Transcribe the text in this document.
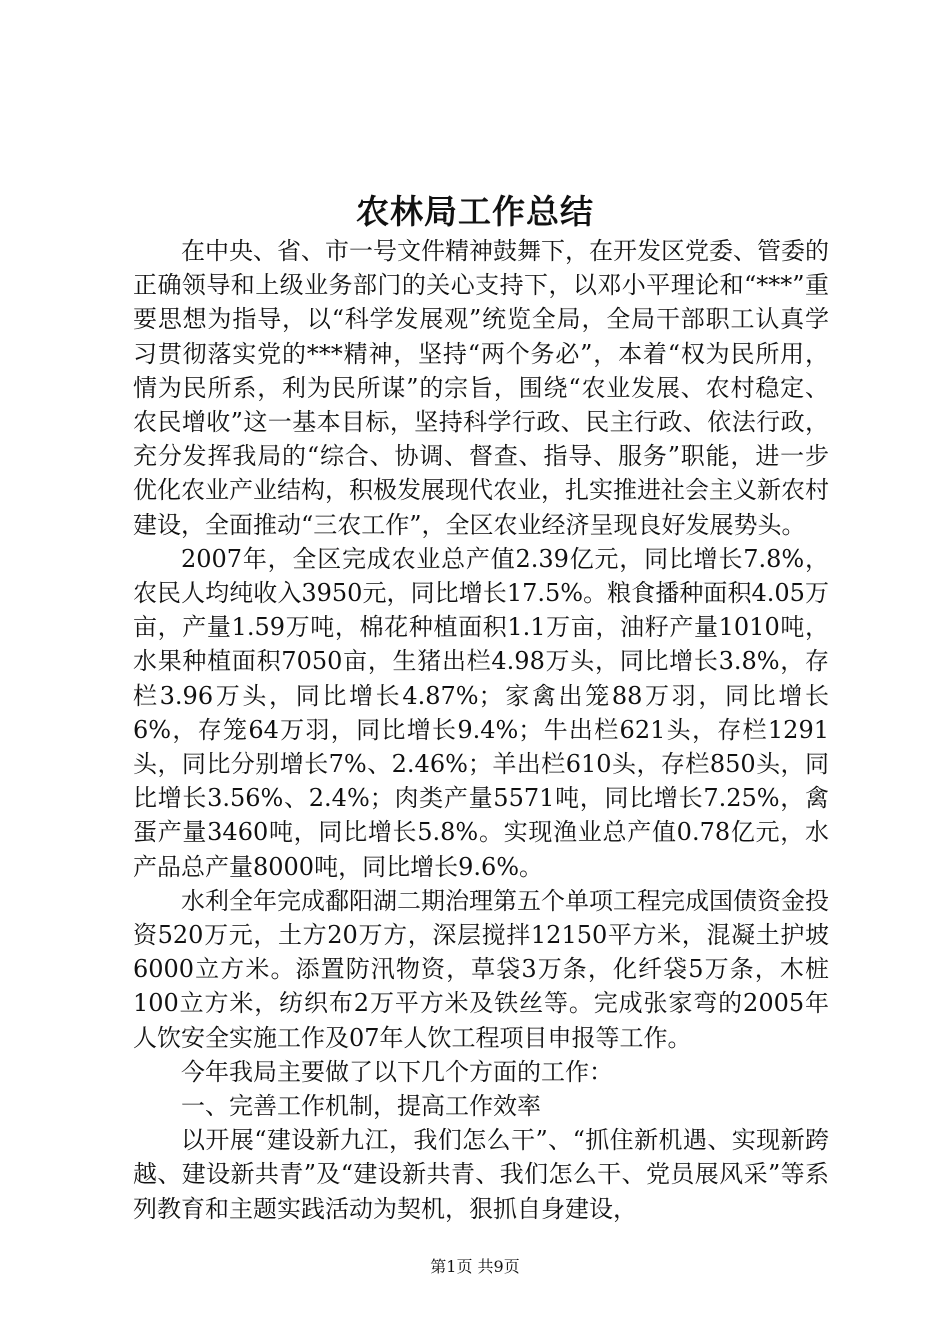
农林局工作总结

在中央、省、市一号文件精神鼓舞下，在开发区党委、管委的正确领导和上级业务部门的关心支持下，以邓小平理论和“***”重要思想为指导，以“科学发展观”统览全局，全局干部职工认真学习贯彻落实党的***精神，坚持“两个务必”，本着“权为民所用，情为民所系，利为民所谋”的宗旨，围绕“农业发展、农村稳定、农民增收”这一基本目标，坚持科学行政、民主行政、依法行政，充分发挥我局的“综合、协调、督查、指导、服务”职能，进一步优化农业产业结构，积极发展现代农业，扎实推进社会主义新农村建设，全面推动“三农工作”，全区农业经济呈现良好发展势头。

2007年，全区完成农业总产值2.39亿元，同比增长7.8%，农民人均纯收入3950元，同比增长17.5%。粮食播种面积4.05万亩，产量1.59万吨，棉花种植面积1.1万亩，油籽产量1010吨，水果种植面积7050亩，生猪出栏4.98万头，同比增长3.8%，存栏3.96万头，同比增长4.87%；家禽出笼88万羽，同比增长6%，存笼64万羽，同比增长9.4%；牛出栏621头，存栏1291头，同比分别增长7%、2.46%；羊出栏610头，存栏850头，同比增长3.56%、2.4%；肉类产量5571吨，同比增长7.25%，禽蛋产量3460吨，同比增长5.8%。实现渔业总产值0.78亿元，水产品总产量8000吨，同比增长9.6%。

水利全年完成鄱阳湖二期治理第五个单项工程完成国债资金投资520万元，土方20万方，深层搅拌12150平方米，混凝土护坡6000立方米。添置防汛物资，草袋3万条，化纤袋5万条，木桩100立方米，纺织布2万平方米及铁丝等。完成张家弯的2005年人饮安全实施工作及07年人饮工程项目申报等工作。

今年我局主要做了以下几个方面的工作：

一、完善工作机制，提高工作效率

以开展“建设新九江，我们怎么干”、“抓住新机遇、实现新跨越、建设新共青”及“建设新共青、我们怎么干、党员展风采”等系列教育和主题实践活动为契机，狠抓自身建设，

第1页 共9页
